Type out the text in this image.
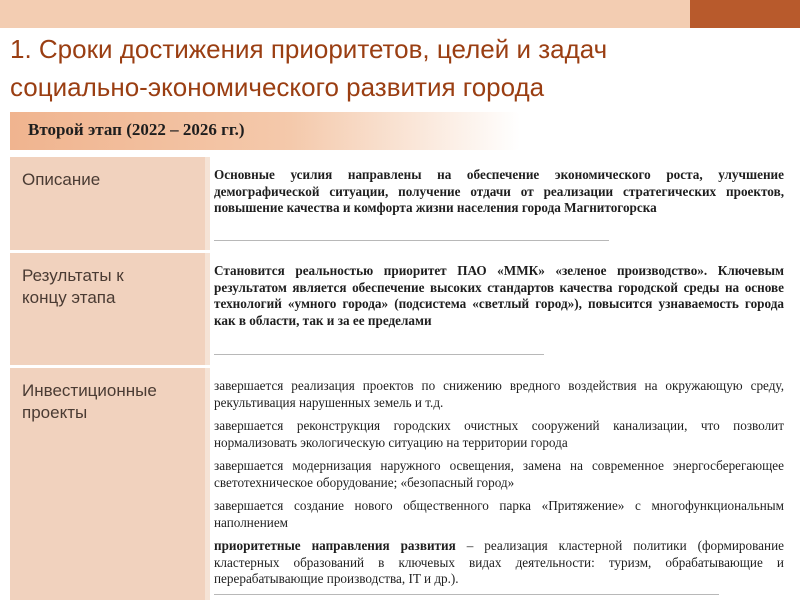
1. Сроки достижения приоритетов, целей и задач
социально-экономического развития города
Второй этап (2022 – 2026 гг.)
Описание	Основные усилия направлены на обеспечение экономического роста, улучшение демографической ситуации, получение отдачи от реализации стратегических проектов, повышение качества и комфорта жизни населения города Магнитогорска

Результаты к
концу этапа

Становится реальностью приоритет ПАО «ММК» «зеленое производство». Ключевым результатом является обеспечение высоких стандартов качества городской среды на основе технологий «умного города» (подсистема «светлый город»), повысится узнаваемость города как в области, так и за ее пределами

Инвестиционные
проекты

завершается реализация проектов по снижению вредного воздействия на окружающую среду, рекультивация нарушенных земель и т.д.

завершается реконструкция городских очистных сооружений канализации, что позволит нормализовать экологическую ситуацию на территории города

завершается модернизация наружного освещения, замена на современное энергосберегающее светотехническое оборудование; «безопасный город»

завершается создание нового общественного парка «Притяжение» с многофункциональным наполнением

приоритетные направления развития – реализация кластерной политики (формирование кластерных образований в ключевых видах деятельности: туризм, обрабатывающие и перерабатывающие производства, IT и др.).
